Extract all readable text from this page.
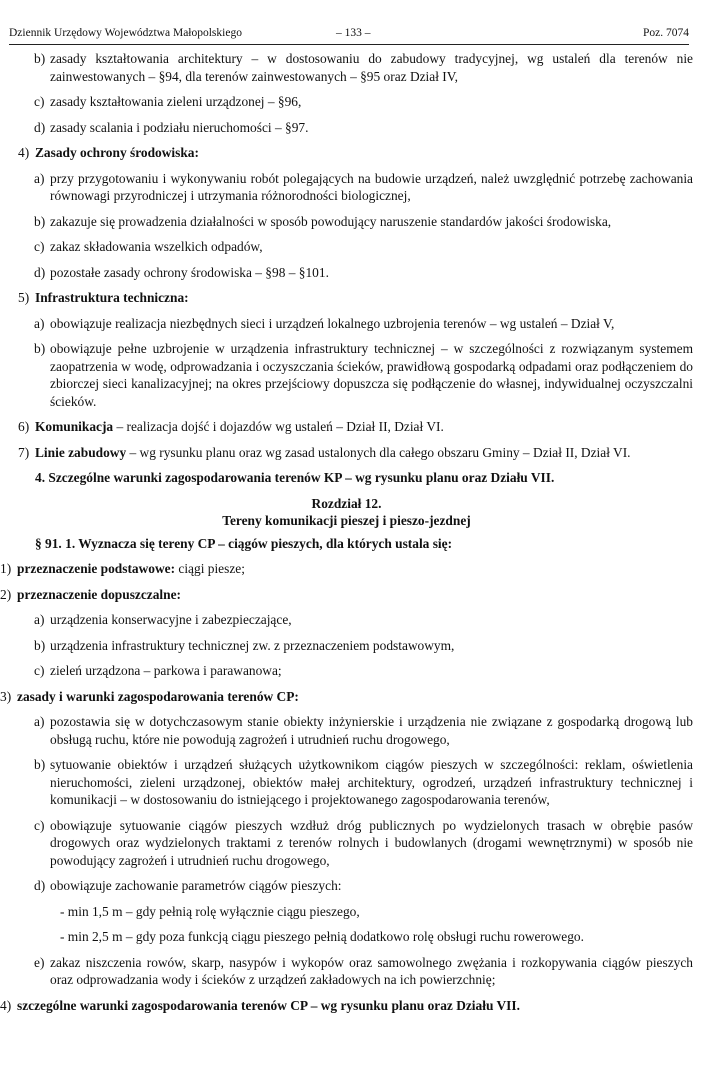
Dziennik Urzędowy Województwa Małopolskiego	– 133 –	Poz. 7074
b) zasady kształtowania architektury – w dostosowaniu do zabudowy tradycyjnej, wg ustaleń dla terenów nie zainwestowanych – §94, dla terenów zainwestowanych – §95 oraz Dział IV,
c) zasady kształtowania zieleni urządzonej – §96,
d) zasady scalania i podziału nieruchomości – §97.
4) Zasady ochrony środowiska:
a) przy przygotowaniu i wykonywaniu robót polegających na budowie urządzeń, należ uwzględnić potrzebę zachowania równowagi przyrodniczej i utrzymania różnorodności biologicznej,
b) zakazuje się prowadzenia działalności w sposób powodujący naruszenie standardów jakości środowiska,
c) zakaz składowania wszelkich odpadów,
d) pozostałe zasady ochrony środowiska – §98 – §101.
5) Infrastruktura techniczna:
a) obowiązuje realizacja niezbędnych sieci i urządzeń lokalnego uzbrojenia terenów – wg ustaleń – Dział V,
b) obowiązuje pełne uzbrojenie w urządzenia infrastruktury technicznej – w szczególności z rozwiązanym systemem zaopatrzenia w wodę, odprowadzania i oczyszczania ścieków, prawidłową gospodarką odpadami oraz podłączeniem do zbiorczej sieci kanalizacyjnej; na okres przejściowy dopuszcza się podłączenie do własnej, indywidualnej oczyszczalni ścieków.
6) Komunikacja – realizacja dojść i dojazdów wg ustaleń – Dział II, Dział VI.
7) Linie zabudowy – wg rysunku planu oraz wg zasad ustalonych dla całego obszaru Gminy – Dział II, Dział VI.
4. Szczególne warunki zagospodarowania terenów KP – wg rysunku planu oraz Działu VII.
Rozdział 12.
Tereny komunikacji pieszej i pieszo-jezdnej
§ 91. 1. Wyznacza się tereny CP – ciągów pieszych, dla których ustala się:
1) przeznaczenie podstawowe: ciągi piesze;
2) przeznaczenie dopuszczalne:
a) urządzenia konserwacyjne i zabezpieczające,
b) urządzenia infrastruktury technicznej zw. z przeznaczeniem podstawowym,
c) zieleń urządzona – parkowa i parawanowa;
3) zasady i warunki zagospodarowania terenów CP:
a) pozostawia się w dotychczasowym stanie obiekty inżynierskie i urządzenia nie związane z gospodarką drogową lub obsługą ruchu, które nie powodują zagrożeń i utrudnień ruchu drogowego,
b) sytuowanie obiektów i urządzeń służących użytkownikom ciągów pieszych w szczególności: reklam, oświetlenia nieruchomości, zieleni urządzonej, obiektów małej architektury, ogrodzeń, urządzeń infrastruktury technicznej i komunikacji – w dostosowaniu do istniejącego i projektowanego zagospodarowania terenów,
c) obowiązuje sytuowanie ciągów pieszych wzdłuż dróg publicznych po wydzielonych trasach w obrębie pasów drogowych oraz wydzielonych traktami z terenów rolnych i budowlanych (drogami wewnętrznymi) w sposób nie powodujący zagrożeń i utrudnień ruchu drogowego,
d) obowiązuje zachowanie parametrów ciągów pieszych:
- min 1,5 m – gdy pełnią rolę wyłącznie ciągu pieszego,
- min 2,5 m – gdy poza funkcją ciągu pieszego pełnią dodatkowo rolę obsługi ruchu rowerowego.
e) zakaz niszczenia rowów, skarp, nasypów i wykopów oraz samowolnego zwężania i rozkopywania ciągów pieszych oraz odprowadzania wody i ścieków z urządzeń zakładowych na ich powierzchnię;
4) szczególne warunki zagospodarowania terenów CP – wg rysunku planu oraz Działu VII.
